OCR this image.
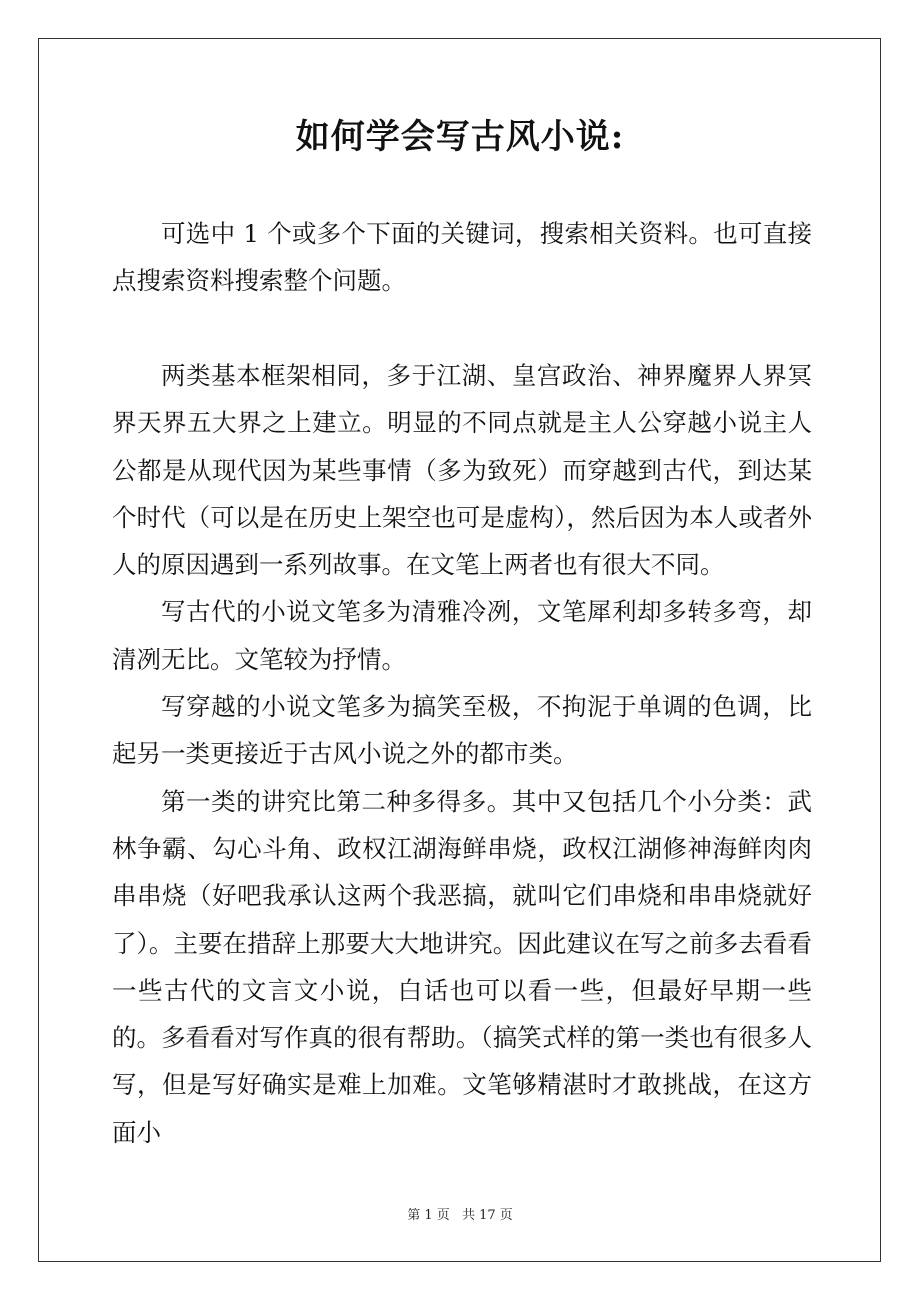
如何学会写古风小说:

可选中 1 个或多个下面的关键词，搜索相关资料。也可直接点搜索资料搜索整个问题。

两类基本框架相同，多于江湖、皇宫政治、神界魔界人界冥界天界五大界之上建立。明显的不同点就是主人公穿越小说主人公都是从现代因为某些事情（多为致死）而穿越到古代，到达某个时代（可以是在历史上架空也可是虚构），然后因为本人或者外人的原因遇到一系列故事。在文笔上两者也有很大不同。

写古代的小说文笔多为清雅冷冽，文笔犀利却多转多弯，却清冽无比。文笔较为抒情。

写穿越的小说文笔多为搞笑至极，不拘泥于单调的色调，比起另一类更接近于古风小说之外的都市类。

第一类的讲究比第二种多得多。其中又包括几个小分类：武林争霸、勾心斗角、政权江湖海鲜串烧，政权江湖修神海鲜肉肉串串烧（好吧我承认这两个我恶搞，就叫它们串烧和串串烧就好了）。主要在措辞上那要大大地讲究。因此建议在写之前多去看看一些古代的文言文小说，白话也可以看一些，但最好早期一些的。多看看对写作真的很有帮助。（搞笑式样的第一类也有很多人写，但是写好确实是难上加难。文笔够精湛时才敢挑战，在这方面小

第 1 页 共 17 页
